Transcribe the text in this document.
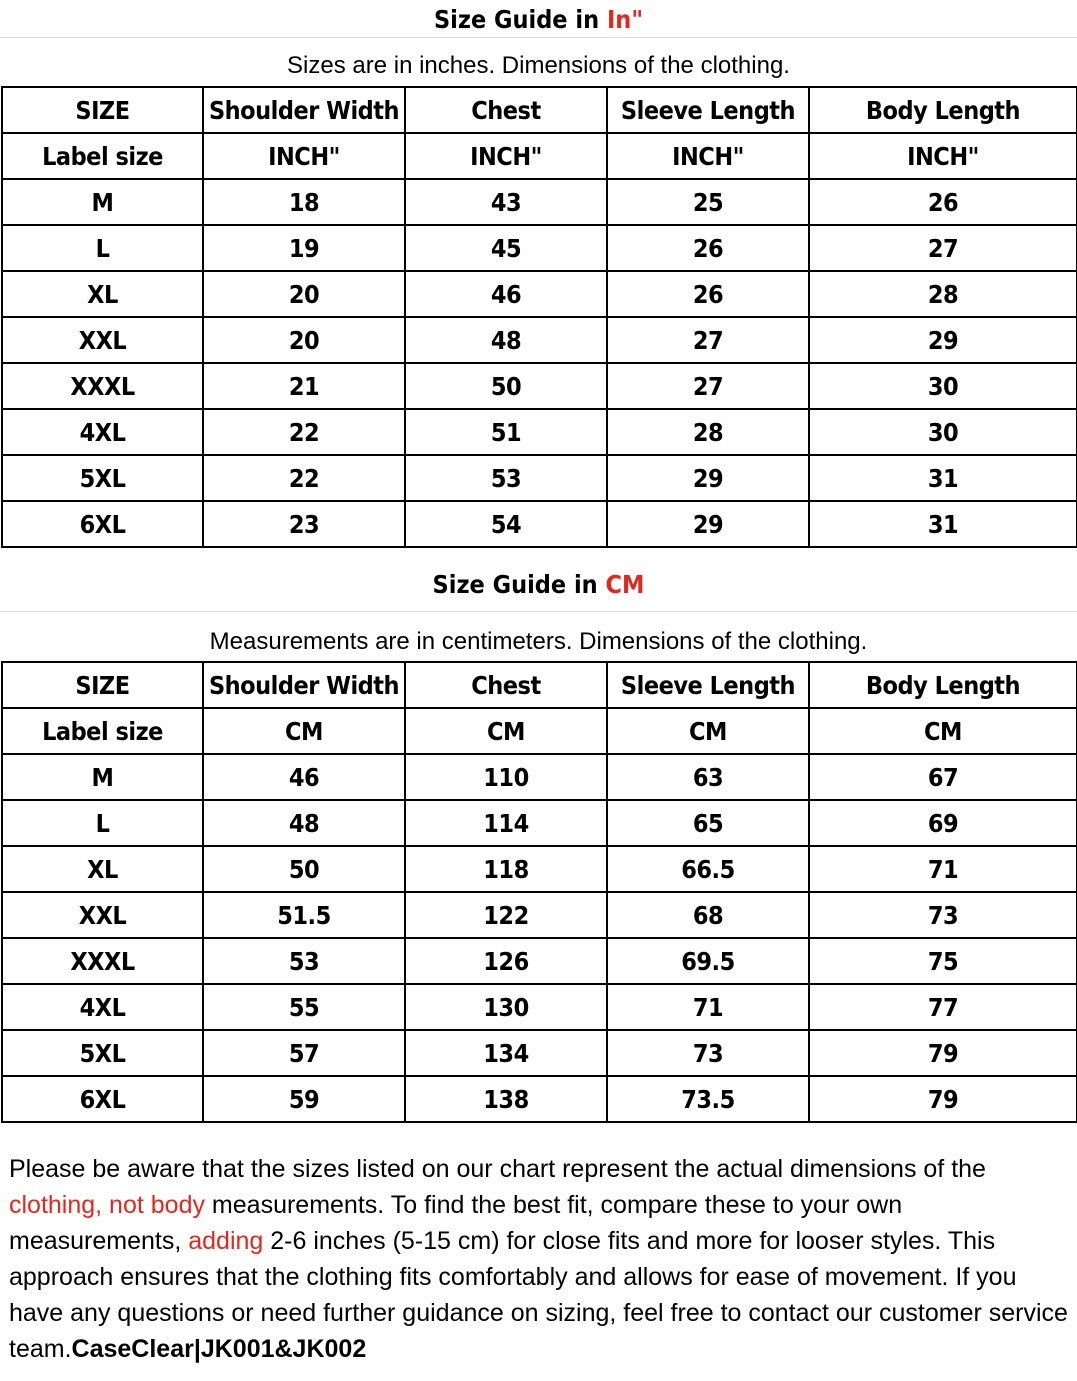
Size Guide in In"
Sizes are in inches. Dimensions of the clothing.
SIZE	Shoulder Width	Chest	Sleeve Length	Body Length
Label size	INCH"	INCH"	INCH"	INCH"
M	18	43	25	26
L	19	45	26	27
XL	20	46	26	28
XXL	20	48	27	29
XXXL	21	50	27	30
4XL	22	51	28	30
5XL	22	53	29	31
6XL	23	54	29	31
Size Guide in CM
Measurements are in centimeters. Dimensions of the clothing.
SIZE	Shoulder Width	Chest	Sleeve Length	Body Length
Label size	CM	CM	CM	CM
M	46	110	63	67
L	48	114	65	69
XL	50	118	66.5	71
XXL	51.5	122	68	73
XXXL	53	126	69.5	75
4XL	55	130	71	77
5XL	57	134	73	79
6XL	59	138	73.5	79
Please be aware that the sizes listed on our chart represent the actual dimensions of the clothing, not body measurements. To find the best fit, compare these to your own measurements, adding 2-6 inches (5-15 cm) for close fits and more for looser styles. This approach ensures that the clothing fits comfortably and allows for ease of movement. If you have any questions or need further guidance on sizing, feel free to contact our customer service team.CaseClear|JK001&JK002
